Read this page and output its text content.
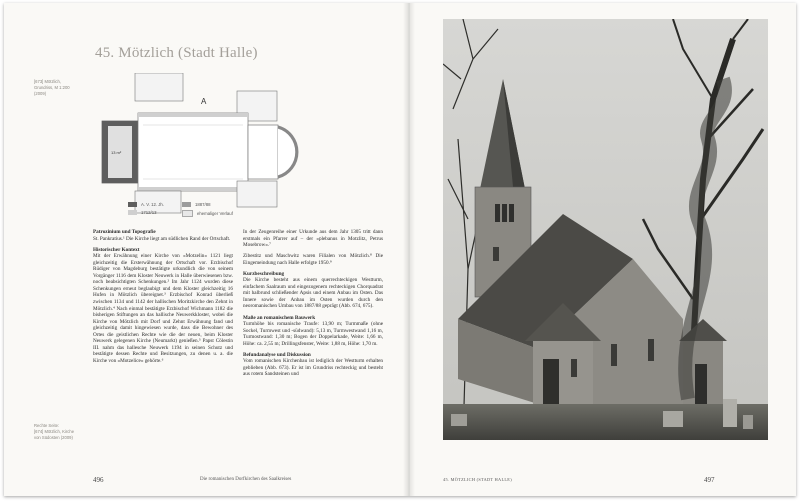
45. Mötzlich (Stadt Halle)
[673] Mötzlich, Grundriss, M 1:200 (2009)
Rechte Seite:
[674] Mötzlich, Kirche von Südosten (2009)
A
13 m²
A. V. 12. Jh.	1887/88
1712/13	ehemaliger Verlauf
Patrozinium und Topografie

St. Pankratius.¹ Die Kirche liegt am südlichen Rand der Ortschaft.

Historischer Kontext

Mit der Erwähnung einer Kirche von »Motzelin« 1121 liegt gleichzeitig die Ersterwähnung der Ortschaft vor. Erzbischof Rüdiger von Magdeburg bestätigte urkundlich die von seinem Vorgänger 1116 dem Kloster Neuwerk in Halle überwiesenen bzw. noch beabsichtigten Schenkungen.² Im Jahr 1124 wurden diese Schenkungen erneut beglaubigt und dem Kloster gleichzeitig 16 Hufen in Mötzlich übereignet.³ Erzbischof Konrad überließ zwischen 1134 und 1142 der hallischen Moritzkirche den Zehnt in Mötzlich.⁴ Nach einmal bestätigte Erzbischof Wichmann 1182 die bisherigen Stiftungen an das hallische Neuwerkkloster, wobei die Kirche von Mötzlich mit Dorf und Zehnt Erwähnung fand und gleichzeitig damit hingewiesen wurde, dass die Bewohner des Ortes die geistlichen Rechte wie die der neuen, beim Kloster Neuwerk gelegenen Kirche (Neumarkt) genießen.⁵ Papst Cölestin III. nahm das hallesche Neuwerk 1194 in seinen Schutz und bestätigte dessen Rechte und Besitzungen, zu denen u. a. die Kirche von »Motzelice« gehörte.⁶

In der Zeugenreihe einer Urkunde aus dem Jahr 1305 tritt dann erstmals ein Pfarrer auf – der »plebanus in Motzlitz, Petrus Mosebrow«.⁷

Zibestitz und Maschwitz waren Filialen von Mötzlich.⁸ Die Eingemeindung nach Halle erfolgte 1950.⁹

Kurzbeschreibung

Die Kirche besteht aus einem querrechteckigen Westturm, einfachem Saalraum und eingezogenem rechteckigen Chorquadrat mit halbrund schließender Apsis und einem Anbau im Osten. Das Innere sowie der Anbau im Osten wurden durch den neoromanischen Umbau von 1887/88 geprägt (Abb. 674, 675).

Maße an romanischem Bauwerk

Turmhöhe bis romanische Traufe: 13,90 m; Turmmaße (ohne Sockel, Turmwest und -südwand): 5,13 m, Turmwestwand 1,16 m, Turmostwand: 1,30 m; Bogen der Doppelarkade, Weite: 1,66 m, Höhe: ca. 2,55 m; Drillingsfenster, Weite: 1,88 m, Höhe: 1,70 m.

Befundanalyse und Diskussion

Vom romanischen Kirchenbau ist lediglich der Westturm erhalten geblieben (Abb. 673). Er ist im Grundriss rechteckig und besteht aus rotem Sandsteinen und

496	Die romanischen Dorfkirchen des Saalkreises	45. MÖTZLICH (STADT HALLE)	497
